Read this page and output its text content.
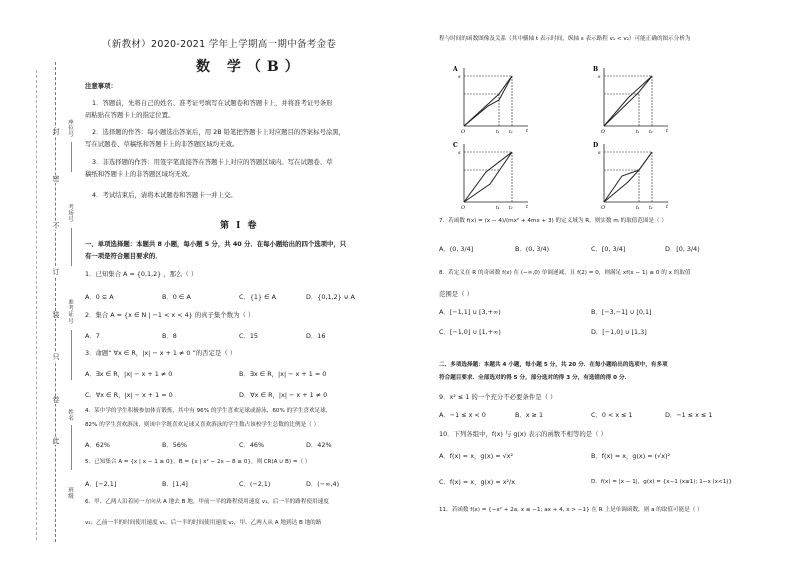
封
密
不
订
装
只
卷
此
座位号
考场号
准考证号
姓名
班级
（新教材）2020-2021 学年上学期高一期中备考金卷
数 学（B）
注意事项：
1．答题前，先将自己的姓名、准考证号填写在试题卷和答题卡上，并将准考证号条形
码粘贴在答题卡上的指定位置。
2．选择题的作答：每小题选出答案后，用 2B 铅笔把答题卡上对应题目的答案标号涂黑，
写在试题卷、草稿纸和答题卡上的非答题区域均无效。
3．非选择题的作答：用签字笔直接答在答题卡上对应的答题区域内。写在试题卷、草
稿纸和答题卡上的非答题区域均无效。
4．考试结束后，请将本试题卷和答题卡一并上交。
第 Ⅰ 卷
一、单项选择题：本题共 8 小题，每小题 5 分，共 40 分．在每小题给出的四个选项中，只
有一项是符合题目要求的．
1．已知集合 A = {0,1,2} ，那么（ ）
A．0 ⊆ A	B．0 ∈ A	C．{1} ∈ A	D．{0,1,2} ⊍ A
2．集合 A = {x ∈ N | −1 < x < 4} 的真子集个数为（ ）
A．7	B．8	C．15	D．16
3．命题“ ∀x ∈ R，|x| − x + 1 ≠ 0 ”的否定是（ ）
A．∃x ∈ R，|x| − x + 1 ≠ 0	B．∃x ∈ R，|x| − x + 1 = 0
C．∀x ∈ R，|x| − x + 1 = 0	D．∀x ∈ R，|x| − x + 1 ≠ 0
4．某中学的学生积极参加体育锻炼，其中有 96% 的学生喜欢足球或游泳，60% 的学生喜欢足球，
82% 的学生喜欢游泳，则该中学既喜欢足球又喜欢游泳的学生数占该校学生总数的比例是（ ）
A．62%	B．56%	C．46%	D．42%
5．已知集合 A = {x | x − 1 ≥ 0}，B = {x | x² − 2x − 8 ≥ 0}，则 ∁R(A ∪ B) =（ ）
A．[−2,1]	B．[1,4]	C．(−2,1)	D．(−∞,4)
6．甲、乙两人沿着同一方向从 A 地去 B 地，甲前一半的路程使用速度 v₁，后一半的路程使用速度
v₂；乙前一半的时间使用速度 v₁，后一半的时间使用速度 v₂，甲、乙两人从 A 地到达 B 地的路
程与时间的函数图像及关系（其中横轴 t 表示时间，纵轴 s 表示路程 v₁ < v₂）可能正确的图示分析为
A
s
t
O	t₁ t₂
B
s
t
O	t₁ t₂
C
s
t
O	t₁ t₂
D
s
t
O	t₁ t₂
7．若函数 f(x) = (x − 4)/(mx² + 4mx + 3) 的定义域为 R，则实数 m 的取值范围是（ ）
A．(0, 3/4]	B．(0, 3/4)	C．[0, 3/4]	D．[0, 3/4)
8．若定义在 R 的奇函数 f(x) 在 (−∞,0) 单调递减，且 f(2) = 0，则满足 xf(x − 1) ≥ 0 的 x 的取值
范围是（ ）
A．[−1,1] ∪ [3,+∞)	B．[−3,−1] ∪ [0,1]
C．[−1,0] ∪ [1,+∞)	D．[−1,0] ∪ [1,3]
二、多项选择题：本题共 4 小题，每小题 5 分，共 20 分．在每小题给出的选项中，有多项
符合题目要求．全部选对的得 5 分，部分选对的得 3 分，有选错的得 0 分．
9．x² ≤ 1 的一个充分不必要条件是（ ）
A．−1 ≤ x < 0	B．x ≥ 1	C．0 < x ≤ 1	D．−1 ≤ x ≤ 1
10．下列各组中，f(x) 与 g(x) 表示的函数不相等的是（ ）
A．f(x) = x，g(x) = √x²	B．f(x) = x，g(x) = (√x)²
C．f(x) = x，g(x) = x²/x	D．f(x) = |x − 1|，g(x) = {x−1 (x≥1); 1−x (x<1)}
11．若函数 f(x) = {−x² + 2a, x ≤ −1; ax + 4, x > −1} 在 R 上是单调函数，则 a 的取值可能是（ ）
